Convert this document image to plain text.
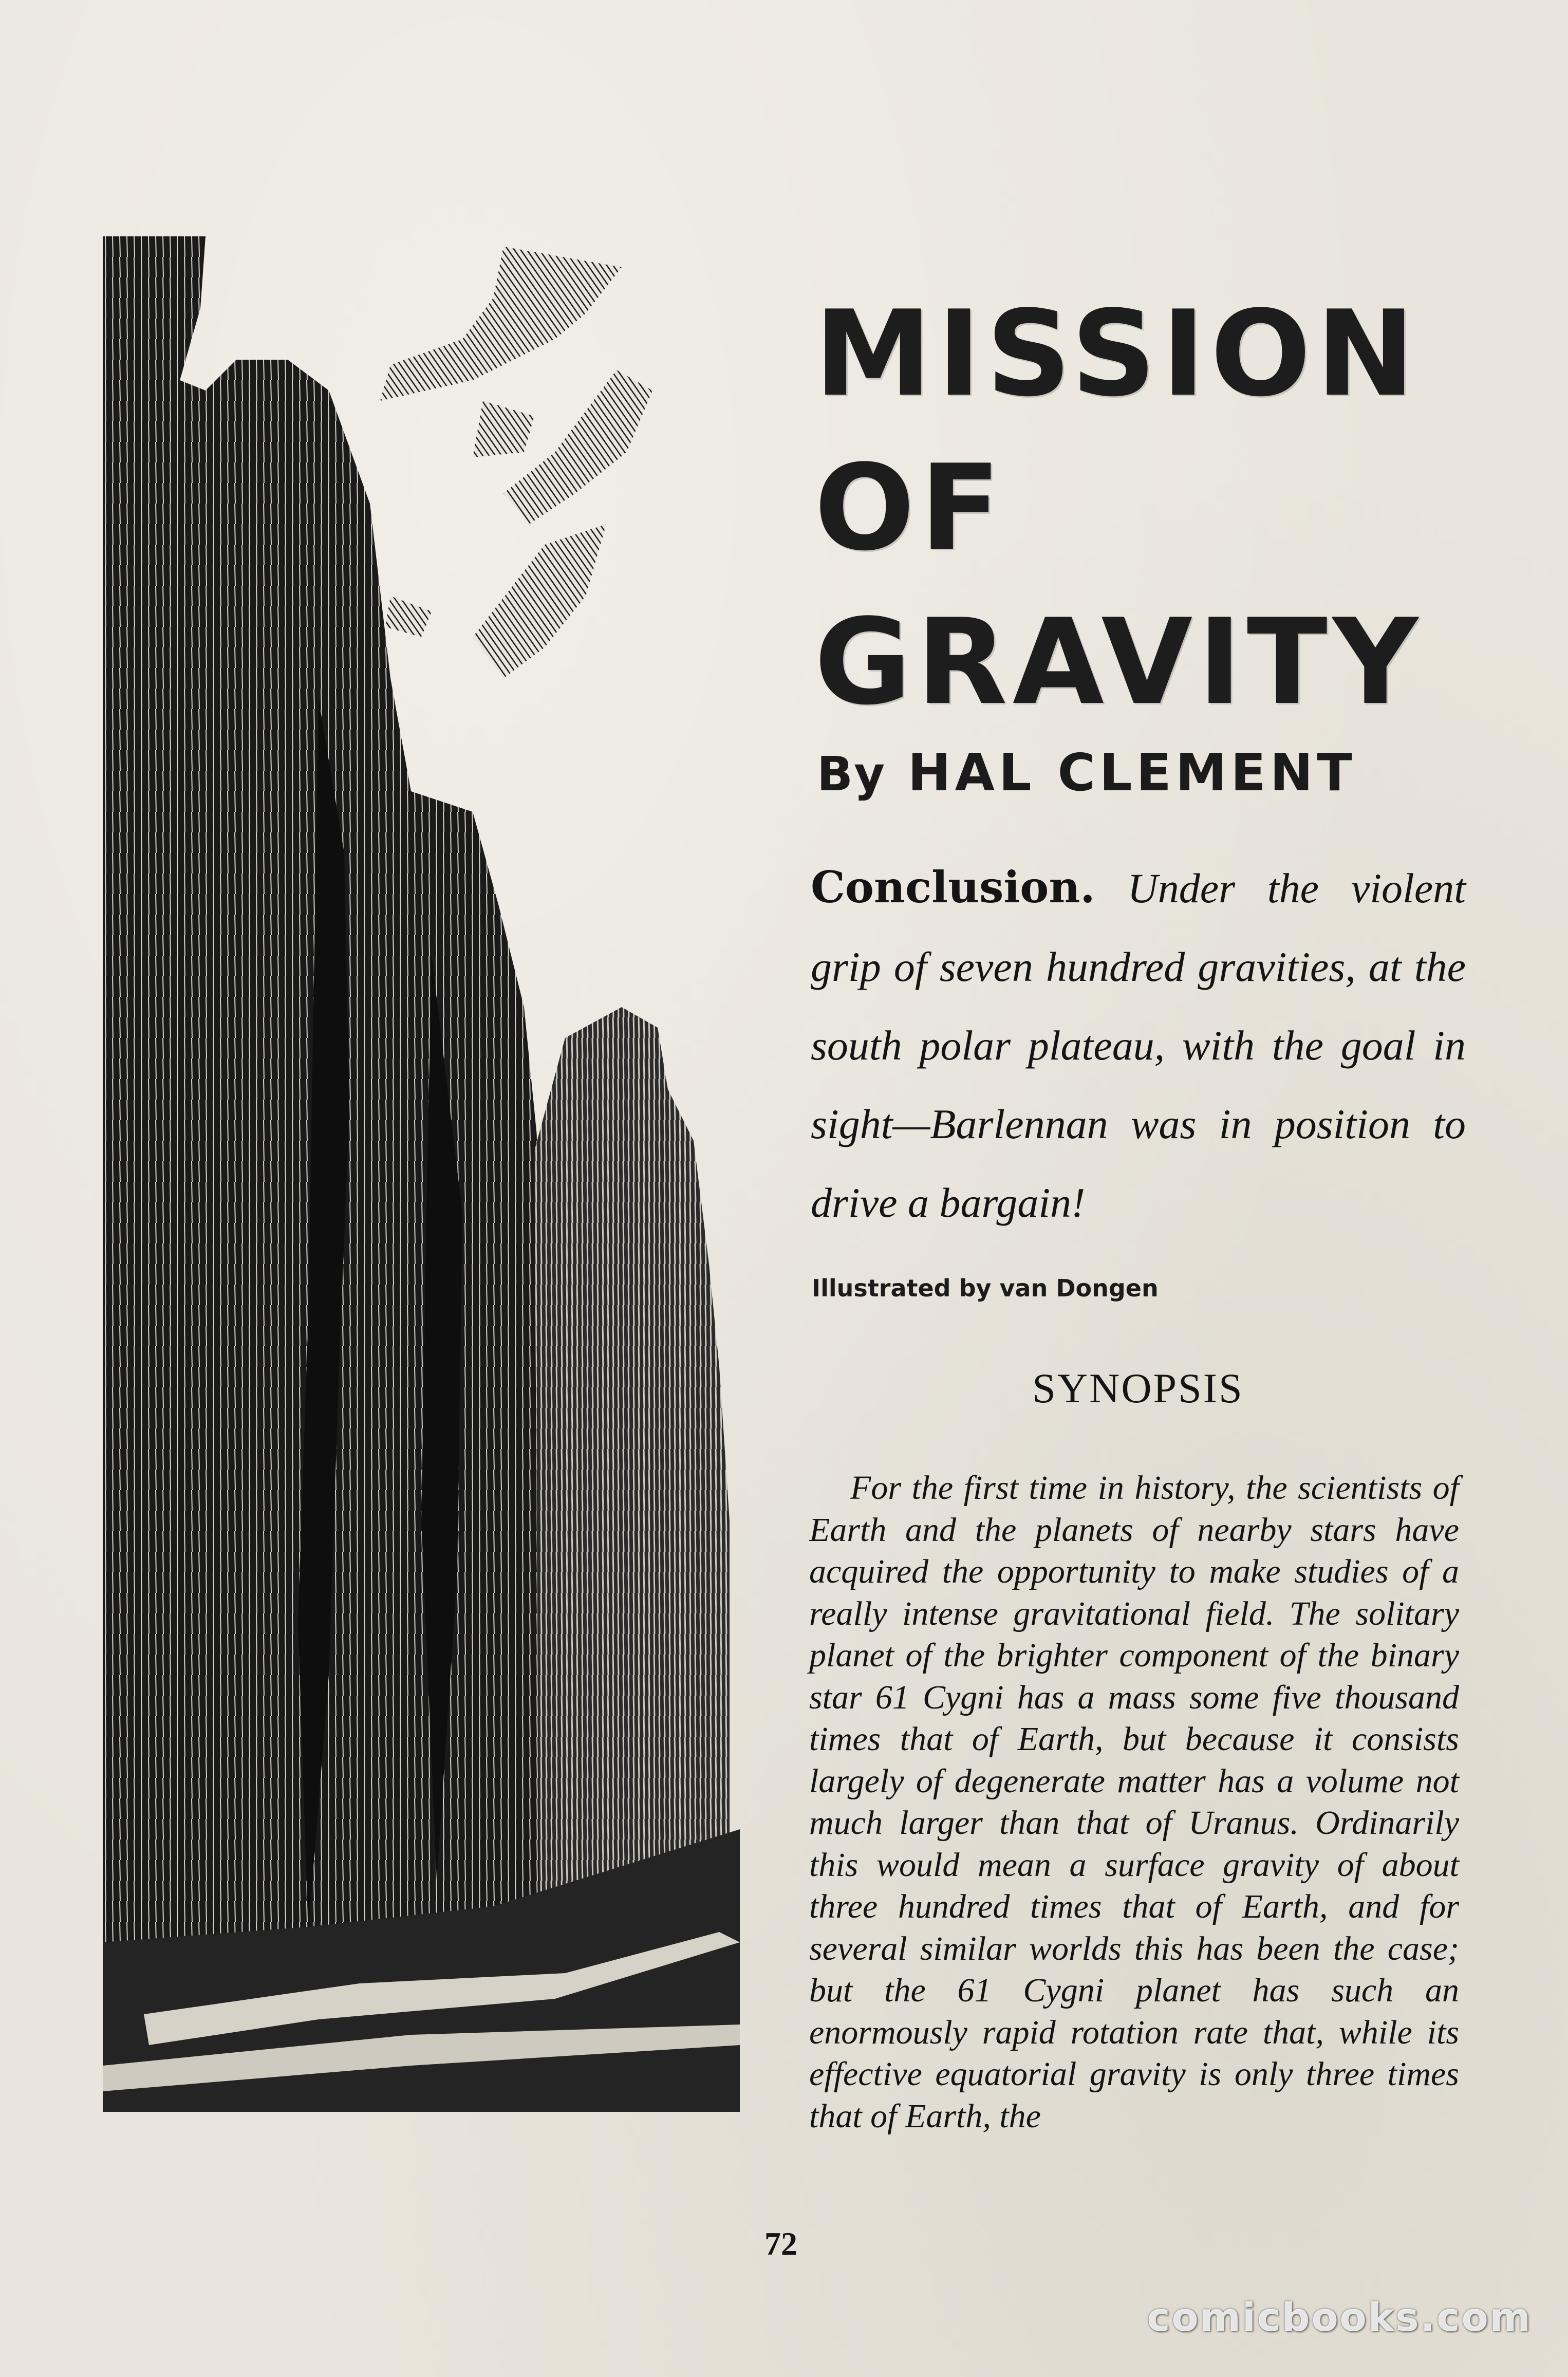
MISSION

OF

GRAVITY

By HAL CLEMENT
Conclusion. Under the violent grip of seven hundred gravities, at the south polar plateau, with the goal in sight—Barlennan was in position to drive a bargain!
Illustrated by van Dongen
SYNOPSIS
For the first time in history, the scientists of Earth and the planets of nearby stars have acquired the opportunity to make studies of a really intense gravitational field. The solitary planet of the brighter component of the binary star 61 Cygni has a mass some five thousand times that of Earth, but because it consists largely of degenerate matter has a volume not much larger than that of Uranus. Ordinarily this would mean a surface gravity of about three hundred times that of Earth, and for several similar worlds this has been the case; but the 61 Cygni planet has such an enormously rapid rotation rate that, while its effective equatorial gravity is only three times that of Earth, the
72
comicbooks.com
